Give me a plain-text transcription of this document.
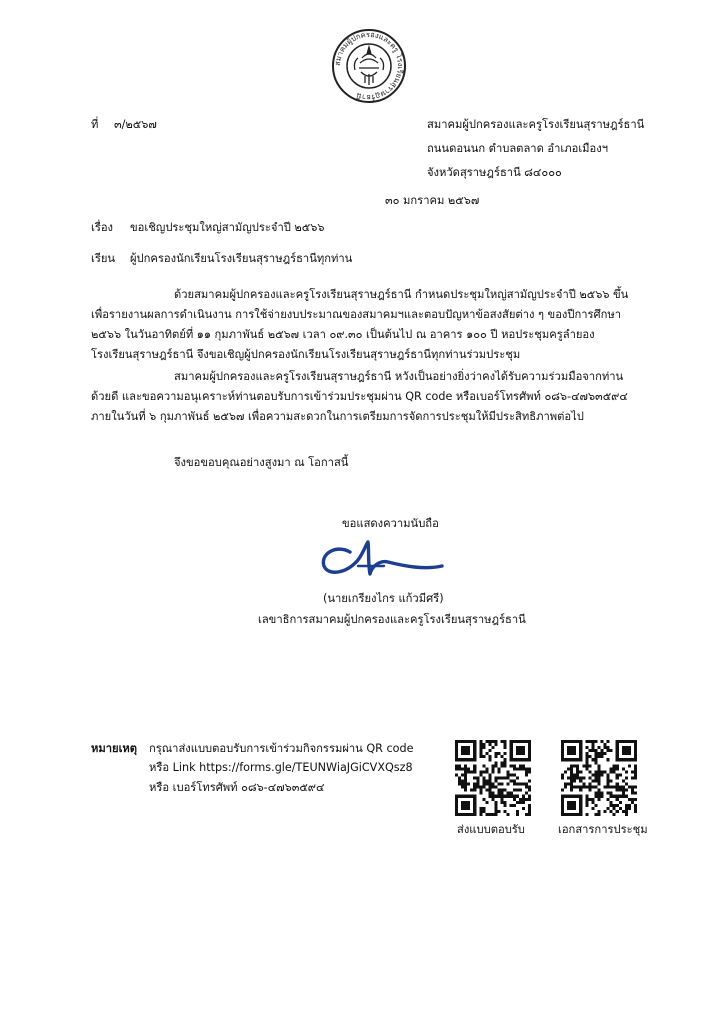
สมาคมผู้ปกครองและครู โรงเรียนสุราษฎร์ธานี
ที่ ๓/๒๕๖๗	สมาคมผู้ปกครองและครูโรงเรียนสุราษฎร์ธานี
ถนนดอนนก ตำบลตลาด อำเภอเมืองฯ
จังหวัดสุราษฎร์ธานี ๘๔๐๐๐
๓๐ มกราคม ๒๕๖๗
เรื่อง ขอเชิญประชุมใหญ่สามัญประจำปี ๒๕๖๖
เรียน ผู้ปกครองนักเรียนโรงเรียนสุราษฎร์ธานีทุกท่าน
ด้วยสมาคมผู้ปกครองและครูโรงเรียนสุราษฎร์ธานี กำหนดประชุมใหญ่สามัญประจำปี ๒๕๖๖ ขึ้น
เพื่อรายงานผลการดำเนินงาน การใช้จ่ายงบประมาณของสมาคมฯและตอบปัญหาข้อสงสัยต่าง ๆ ของปีการศึกษา
๒๕๖๖ ในวันอาทิตย์ที่ ๑๑ กุมภาพันธ์ ๒๕๖๗ เวลา ๐๙.๓๐ เป็นต้นไป ณ อาคาร ๑๐๐ ปี หอประชุมครูลำยอง
โรงเรียนสุราษฎร์ธานี จึงขอเชิญผู้ปกครองนักเรียนโรงเรียนสุราษฎร์ธานีทุกท่านร่วมประชุม
สมาคมผู้ปกครองและครูโรงเรียนสุราษฎร์ธานี หวังเป็นอย่างยิ่งว่าคงได้รับความร่วมมือจากท่าน
ด้วยดี และขอความอนุเคราะห์ท่านตอบรับการเข้าร่วมประชุมผ่าน QR code หรือเบอร์โทรศัพท์ ๐๘๖-๔๗๖๓๕๙๔
ภายในวันที่ ๖ กุมภาพันธ์ ๒๕๖๗ เพื่อความสะดวกในการเตรียมการจัดการประชุมให้มีประสิทธิภาพต่อไป
จึงขอขอบคุณอย่างสูงมา ณ โอกาสนี้
ขอแสดงความนับถือ
(นายเกรียงไกร แก้วมีศรี)
เลขาธิการสมาคมผู้ปกครองและครูโรงเรียนสุราษฎร์ธานี
หมายเหตุ กรุณาส่งแบบตอบรับการเข้าร่วมกิจกรรมผ่าน QR code
หรือ Link https://forms.gle/TEUNWiaJGiCVXQsz8
หรือ เบอร์โทรศัพท์ ๐๘๖-๔๗๖๓๕๙๔
ส่งแบบตอบรับ	เอกสารการประชุม
